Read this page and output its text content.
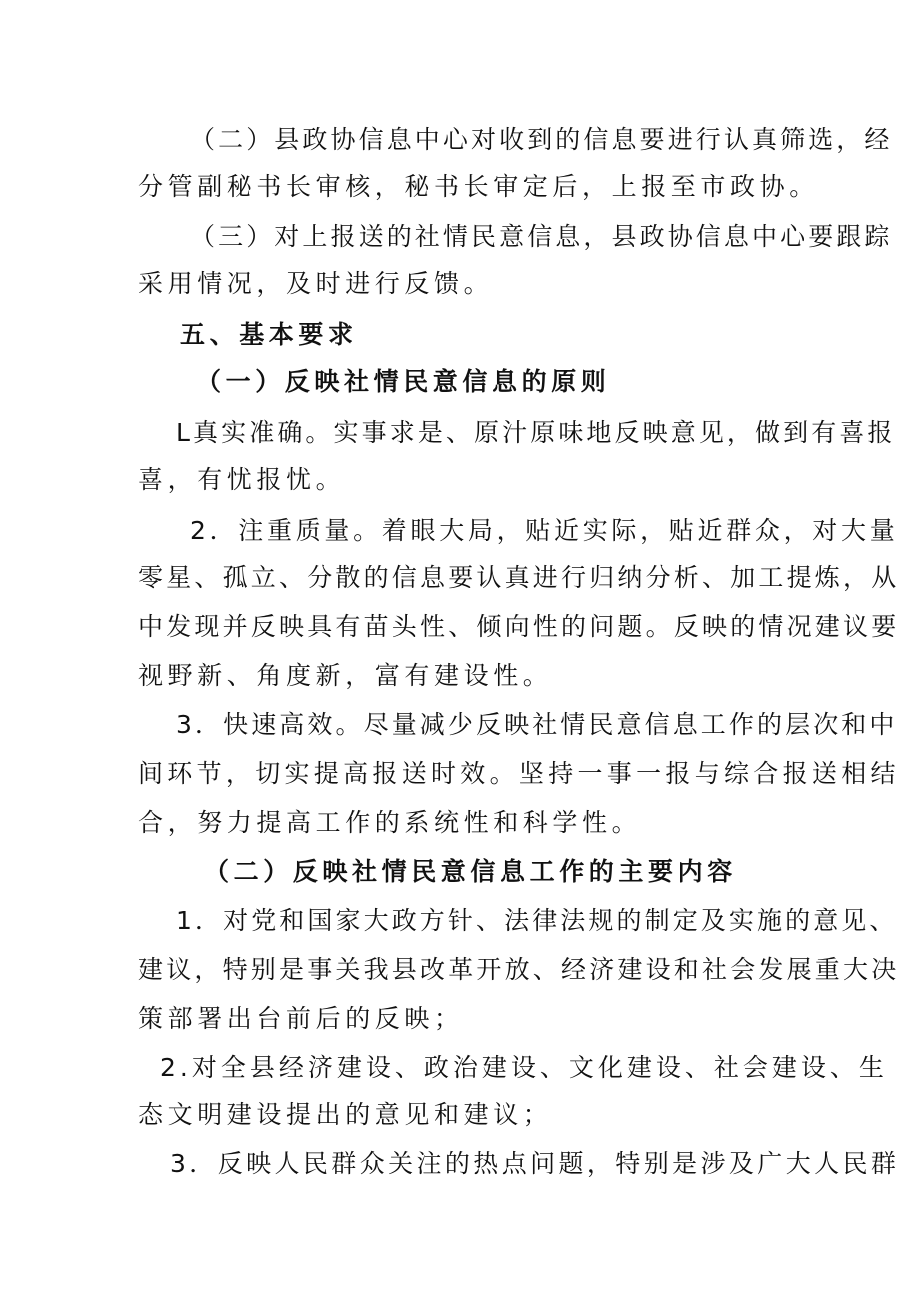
（二）县政协信息中心对收到的信息要进行认真筛选，经

分管副秘书长审核，秘书长审定后，上报至市政协。

（三）对上报送的社情民意信息，县政协信息中心要跟踪

采用情况，及时进行反馈。

五、基本要求

（一）反映社情民意信息的原则

L真实准确。实事求是、原汁原味地反映意见，做到有喜报

喜，有忧报忧。

2．注重质量。着眼大局，贴近实际，贴近群众，对大量

零星、孤立、分散的信息要认真进行归纳分析、加工提炼，从

中发现并反映具有苗头性、倾向性的问题。反映的情况建议要

视野新、角度新，富有建设性。

3．快速高效。尽量减少反映社情民意信息工作的层次和中

间环节，切实提高报送时效。坚持一事一报与综合报送相结

合，努力提高工作的系统性和科学性。

（二）反映社情民意信息工作的主要内容

1．对党和国家大政方针、法律法规的制定及实施的意见、

建议，特别是事关我县改革开放、经济建设和社会发展重大决

策部署出台前后的反映；

2.对全县经济建设、政治建设、文化建设、社会建设、生

态文明建设提出的意见和建议；

3．反映人民群众关注的热点问题，特别是涉及广大人民群
